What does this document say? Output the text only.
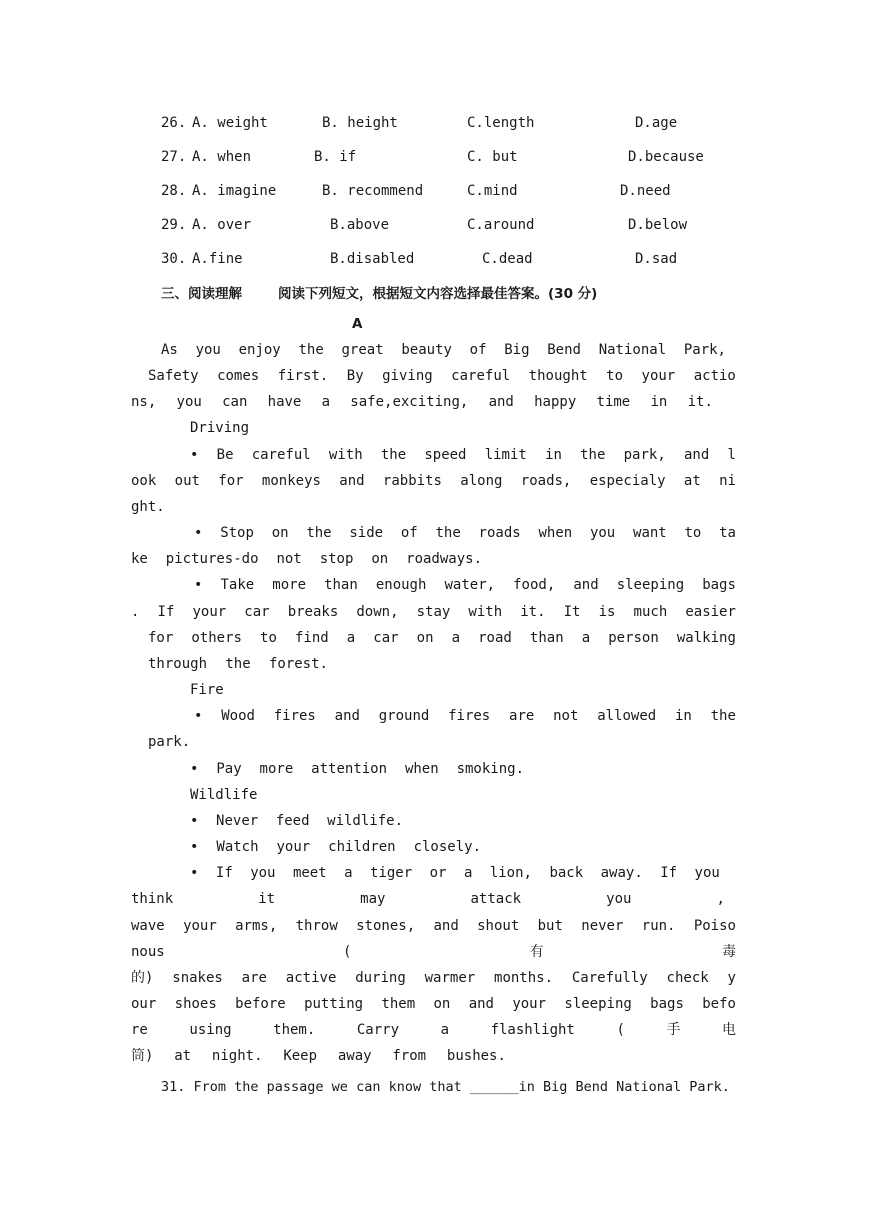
26. A. weight	B. height	C.length	D.age
27. A. when	B. if	C. but	D.because
28. A. imagine	B. recommend	C.mind	D.need
29. A. over	B.above	C.around	D.below
30. A.fine	B.disabled	C.dead	D.sad
三、阅读理解	阅读下列短文，根据短文内容选择最佳答案。(30 分)
A
As you enjoy the great beauty of Big Bend National Park,
Safety comes first. By giving careful thought to your actio
ns, you can have a safe,exciting, and happy time in it.
Driving
• Be careful with the speed limit in the park, and l
ook out for monkeys and rabbits along roads, especialy at ni
ght.
• Stop on the side of the roads when you want to ta
ke pictures-do not stop on roadways.
• Take more than enough water, food, and sleeping bags
. If your car breaks down, stay with it. It is much easier
for others to find a car on a road than a person walking
through the forest.
Fire
• Wood fires and ground fires are not allowed in the
park.
• Pay more attention when smoking.
Wildlife
• Never feed wildlife.
• Watch your children closely.
• If you meet a tiger or a lion, back away. If you
think	it	may	attack	you	,
wave your arms, throw stones, and shout but never run. Poiso
nous	(	有	毒
的) snakes are active during warmer months. Carefully check y
our shoes before putting them on and your sleeping bags befo
re	using	them.	Carry	a	flashlight	(	手	电
筒) at night. Keep away from bushes.
31. From the passage we can know that ______in Big Bend National Park.
